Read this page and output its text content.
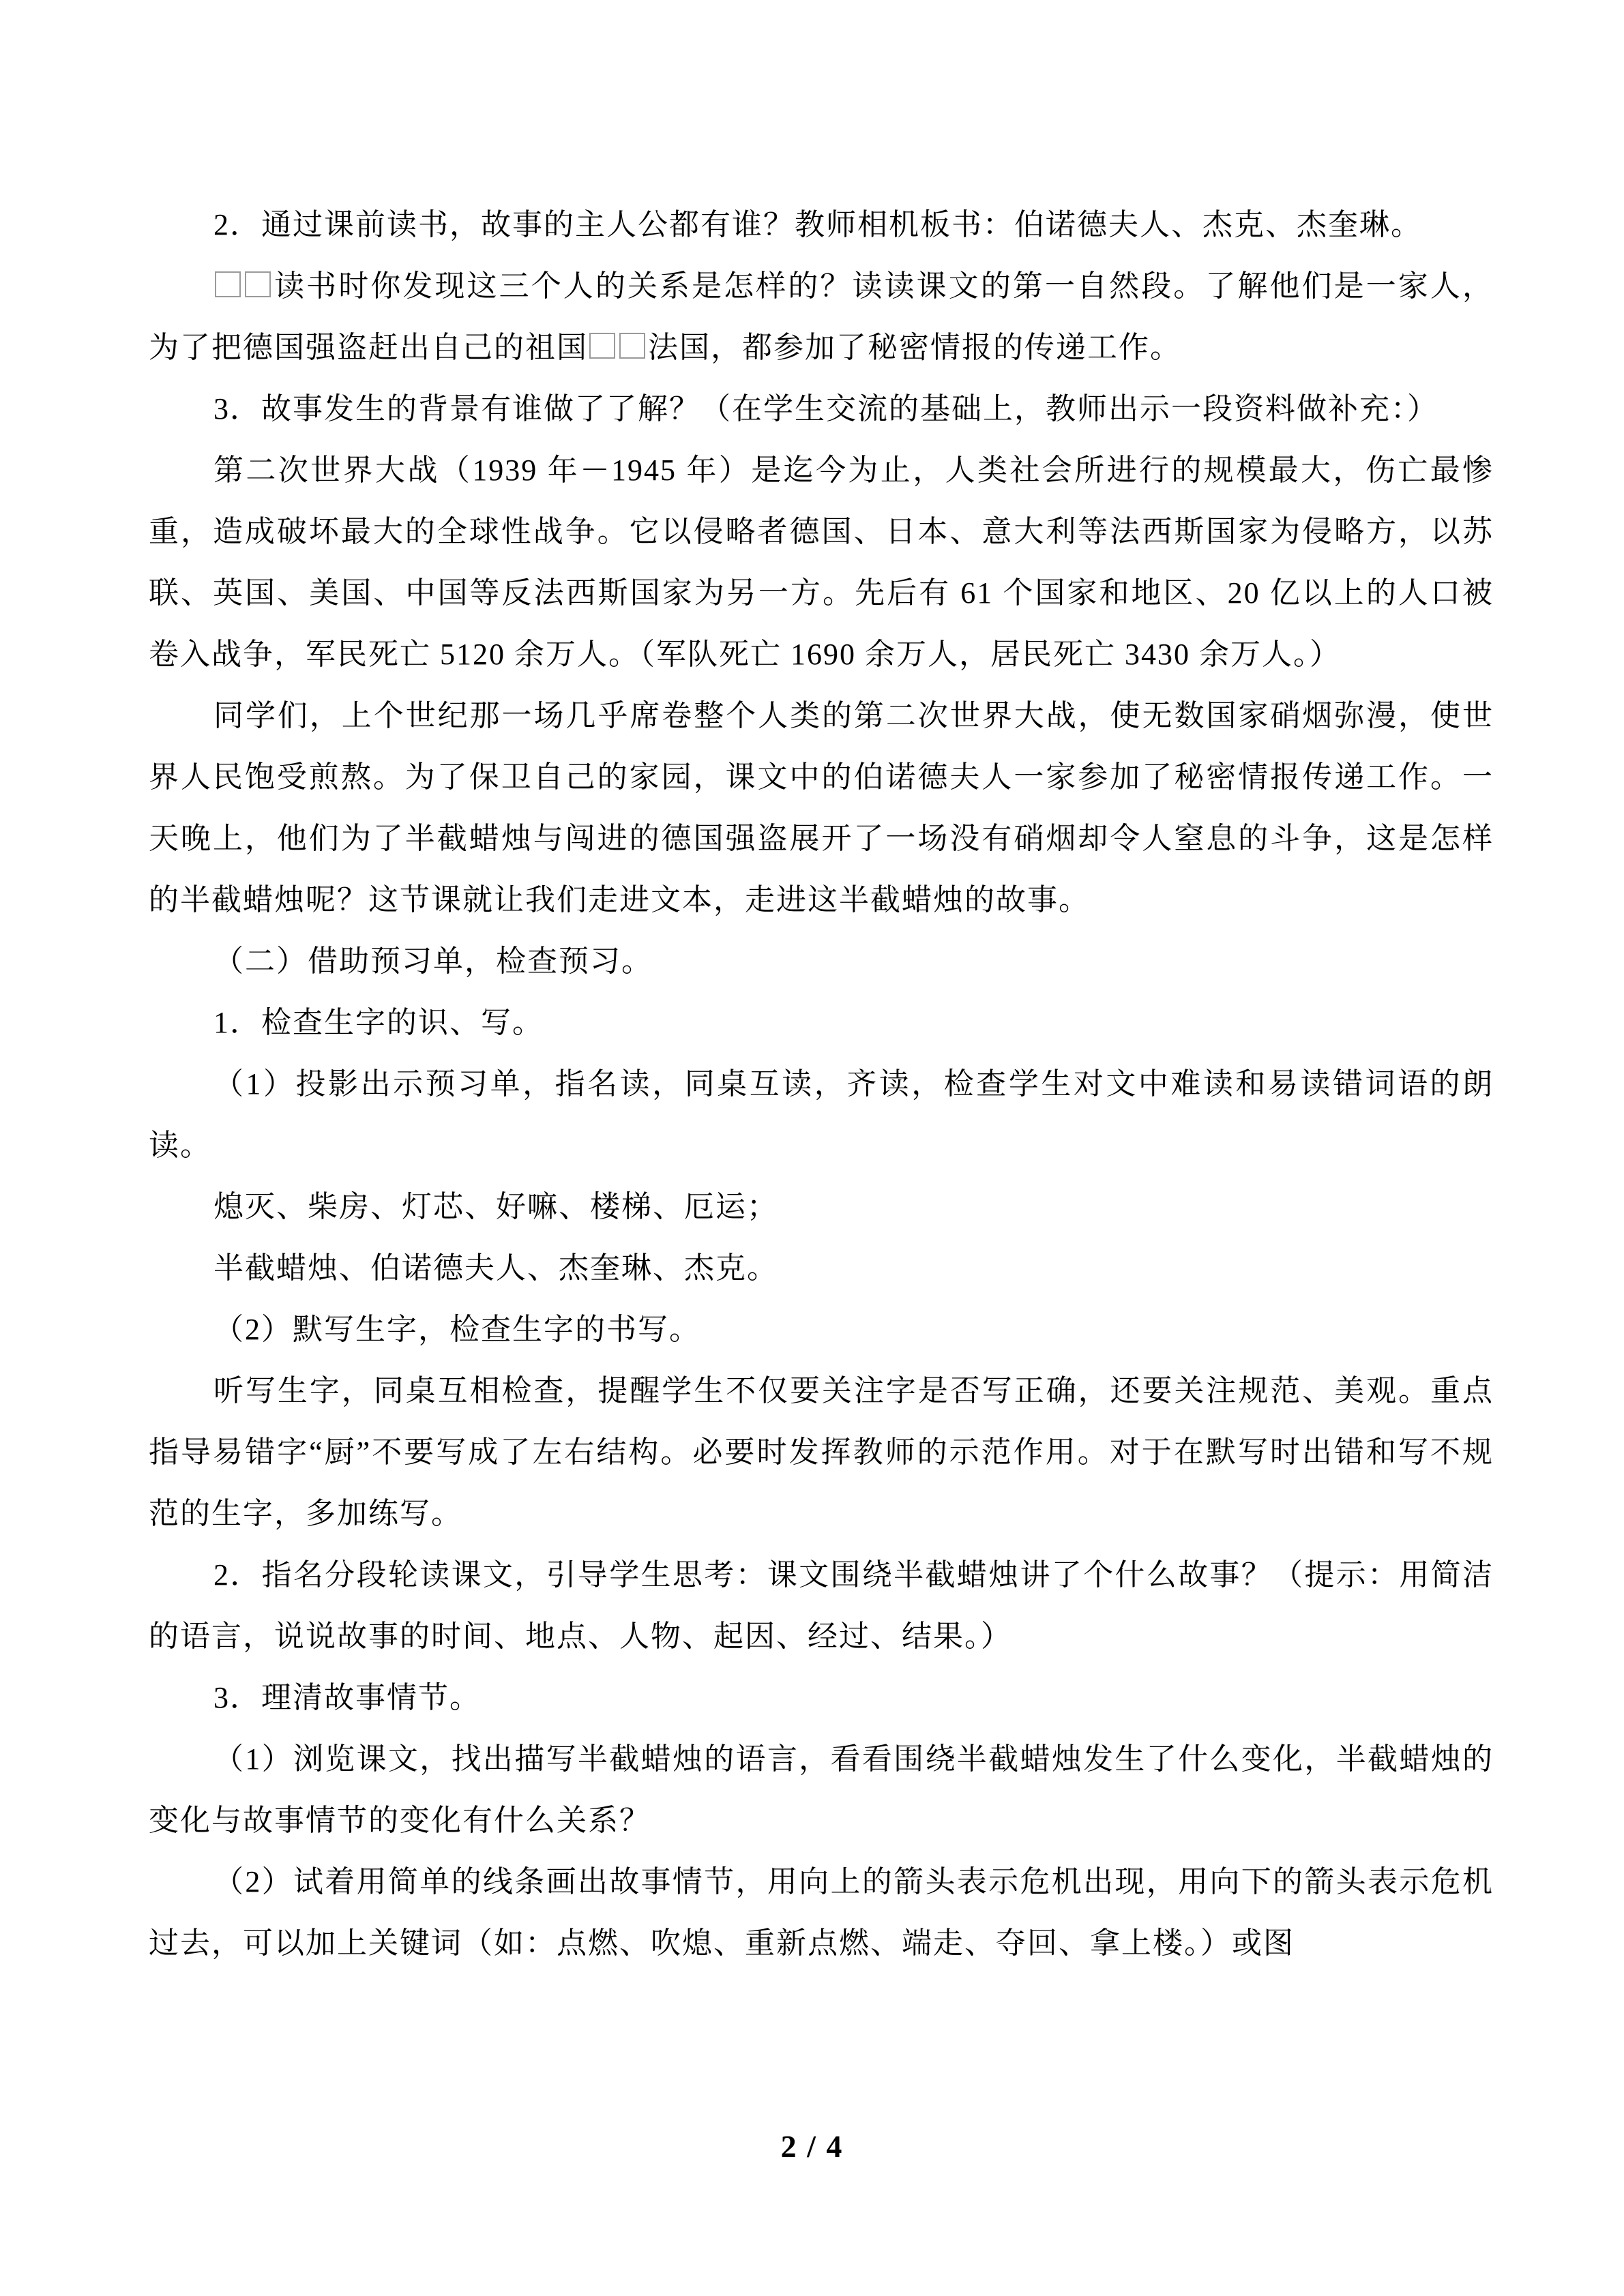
2．通过课前读书，故事的主人公都有谁？教师相机板书：伯诺德夫人、杰克、杰奎琳。

读书时你发现这三个人的关系是怎样的？读读课文的第一自然段。了解他们是一家人，为了把德国强盗赶出自己的祖国 法国，都参加了秘密情报的传递工作。

3．故事发生的背景有谁做了了解？（在学生交流的基础上，教师出示一段资料做补充：）

第二次世界大战（1939 年－1945 年）是迄今为止，人类社会所进行的规模最大，伤亡最惨重，造成破坏最大的全球性战争。它以侵略者德国、日本、意大利等法西斯国家为侵略方，以苏联、英国、美国、中国等反法西斯国家为另一方。先后有 61 个国家和地区、20 亿以上的人口被卷入战争，军民死亡 5120 余万人。（军队死亡 1690 余万人，居民死亡 3430 余万人。）

同学们，上个世纪那一场几乎席卷整个人类的第二次世界大战，使无数国家硝烟弥漫，使世界人民饱受煎熬。为了保卫自己的家园，课文中的伯诺德夫人一家参加了秘密情报传递工作。一天晚上，他们为了半截蜡烛与闯进的德国强盗展开了一场没有硝烟却令人窒息的斗争，这是怎样的半截蜡烛呢？这节课就让我们走进文本，走进这半截蜡烛的故事。

（二）借助预习单，检查预习。

1．检查生字的识、写。

（1）投影出示预习单，指名读，同桌互读，齐读，检查学生对文中难读和易读错词语的朗读。

熄灭、柴房、灯芯、好嘛、楼梯、厄运；

半截蜡烛、伯诺德夫人、杰奎琳、杰克。

（2）默写生字，检查生字的书写。

听写生字，同桌互相检查，提醒学生不仅要关注字是否写正确，还要关注规范、美观。重点指导易错字“厨”不要写成了左右结构。必要时发挥教师的示范作用。对于在默写时出错和写不规范的生字，多加练写。

2．指名分段轮读课文，引导学生思考：课文围绕半截蜡烛讲了个什么故事？（提示：用简洁的语言，说说故事的时间、地点、人物、起因、经过、结果。）

3．理清故事情节。

（1）浏览课文，找出描写半截蜡烛的语言，看看围绕半截蜡烛发生了什么变化，半截蜡烛的变化与故事情节的变化有什么关系？

（2）试着用简单的线条画出故事情节，用向上的箭头表示危机出现，用向下的箭头表示危机过去，可以加上关键词（如：点燃、吹熄、重新点燃、端走、夺回、拿上楼。）或图

2 / 4
